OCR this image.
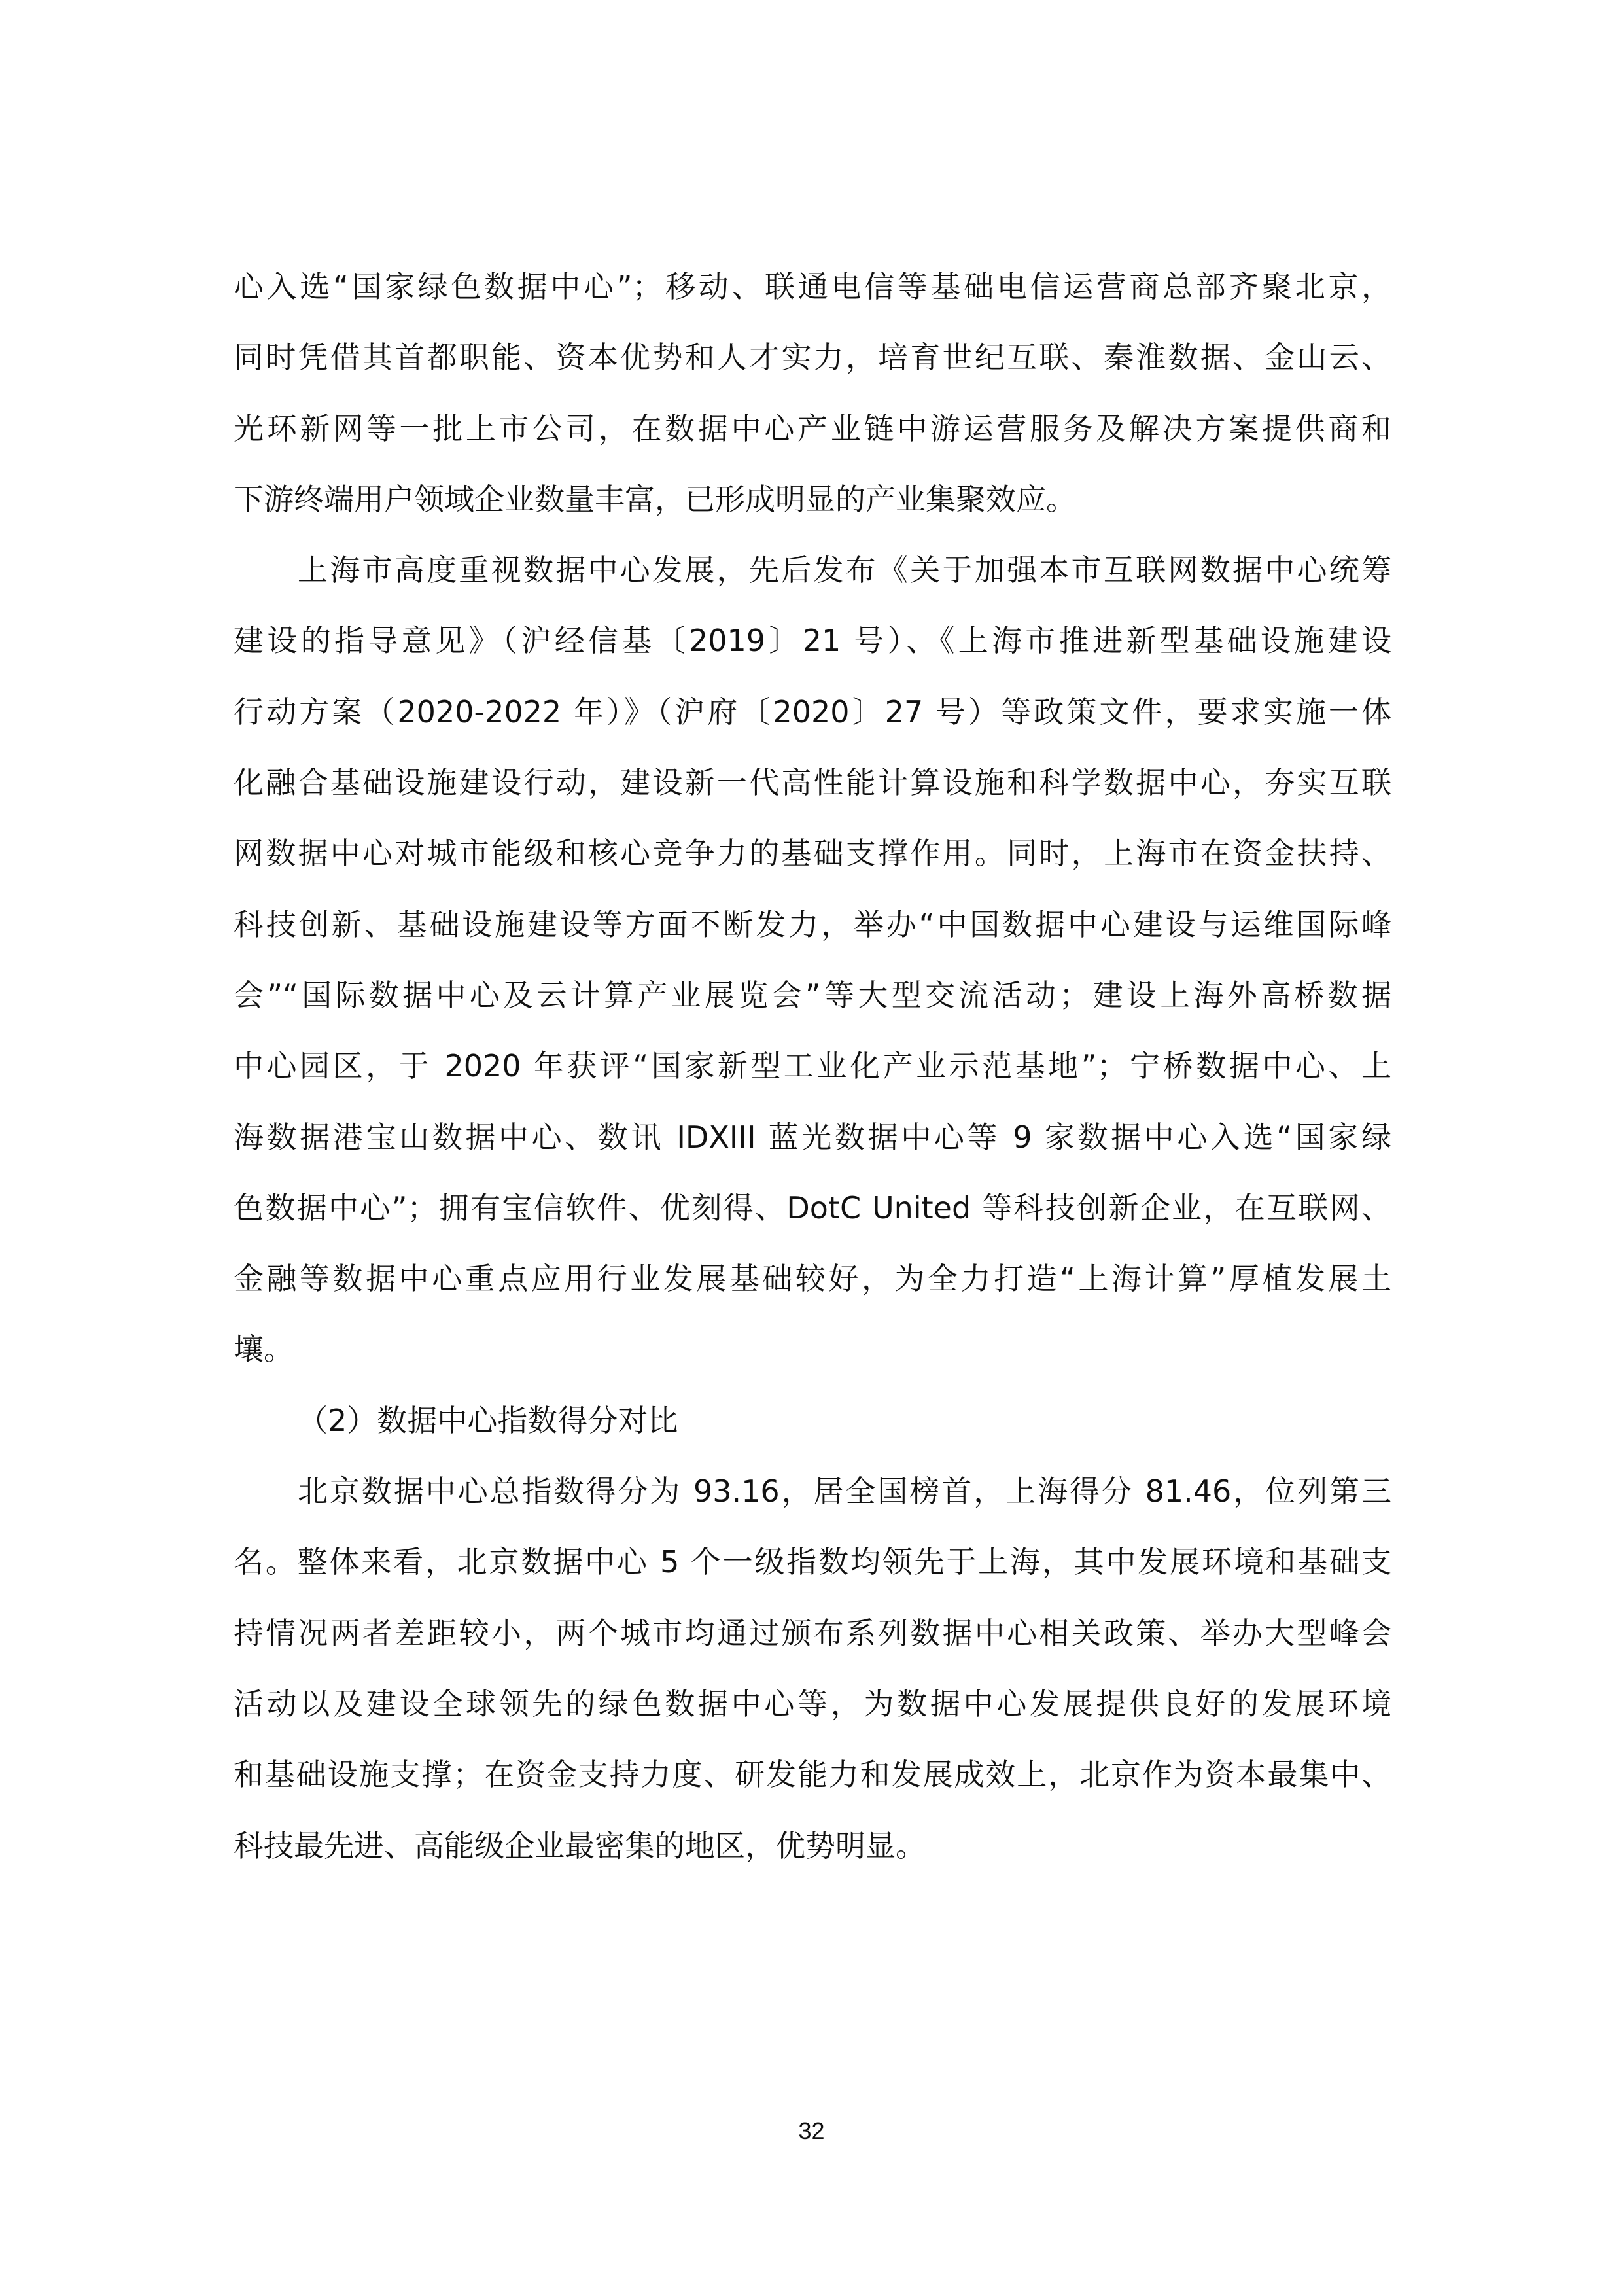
心入选“国家绿色数据中心”；移动、联通电信等基础电信运营商总部齐聚北京，
同时凭借其首都职能、资本优势和人才实力，培育世纪互联、秦淮数据、金山云、
光环新网等一批上市公司，在数据中心产业链中游运营服务及解决方案提供商和
下游终端用户领域企业数量丰富，已形成明显的产业集聚效应。
上海市高度重视数据中心发展，先后发布《关于加强本市互联网数据中心统筹
建设的指导意见》（沪经信基〔2019〕21 号）、《上海市推进新型基础设施建设
行动方案（2020-2022 年）》（沪府〔2020〕27 号）等政策文件，要求实施一体
化融合基础设施建设行动，建设新一代高性能计算设施和科学数据中心，夯实互联
网数据中心对城市能级和核心竞争力的基础支撑作用。同时，上海市在资金扶持、
科技创新、基础设施建设等方面不断发力，举办“中国数据中心建设与运维国际峰
会”“国际数据中心及云计算产业展览会”等大型交流活动；建设上海外高桥数据
中心园区，于 2020 年获评“国家新型工业化产业示范基地”；宁桥数据中心、上
海数据港宝山数据中心、数讯 IDXIII 蓝光数据中心等 9 家数据中心入选“国家绿
色数据中心”；拥有宝信软件、优刻得、DotC United 等科技创新企业，在互联网、
金融等数据中心重点应用行业发展基础较好，为全力打造“上海计算”厚植发展土
壤。
（2）数据中心指数得分对比
北京数据中心总指数得分为 93.16，居全国榜首，上海得分 81.46，位列第三
名。整体来看，北京数据中心 5 个一级指数均领先于上海，其中发展环境和基础支
持情况两者差距较小，两个城市均通过颁布系列数据中心相关政策、举办大型峰会
活动以及建设全球领先的绿色数据中心等，为数据中心发展提供良好的发展环境
和基础设施支撑；在资金支持力度、研发能力和发展成效上，北京作为资本最集中、
科技最先进、高能级企业最密集的地区，优势明显。
32
